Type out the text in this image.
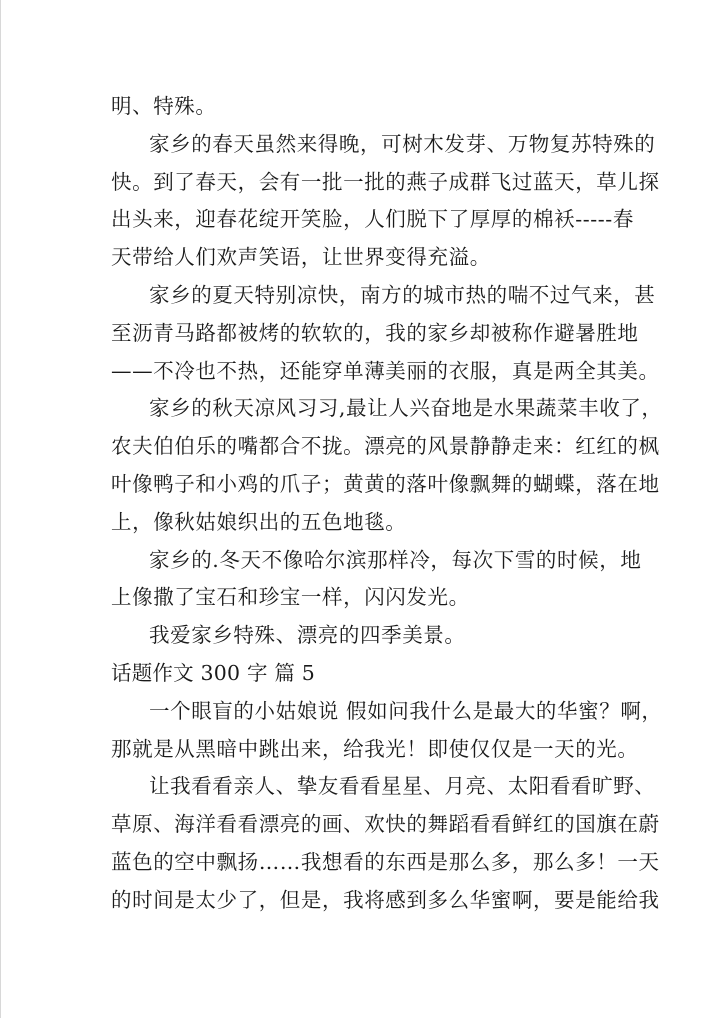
明、特殊。
家乡的春天虽然来得晚，可树木发芽、万物复苏特殊的
快。到了春天，会有一批一批的燕子成群飞过蓝天，草儿探
出头来，迎春花绽开笑脸，人们脱下了厚厚的棉袄-----春
天带给人们欢声笑语，让世界变得充溢。
家乡的夏天特别凉快，南方的城市热的喘不过气来，甚
至沥青马路都被烤的软软的，我的家乡却被称作避暑胜地
——不冷也不热，还能穿单薄美丽的衣服，真是两全其美。
家乡的秋天凉风习习,最让人兴奋地是水果蔬菜丰收了，
农夫伯伯乐的嘴都合不拢。漂亮的风景静静走来：红红的枫
叶像鸭子和小鸡的爪子；黄黄的落叶像飘舞的蝴蝶，落在地
上，像秋姑娘织出的五色地毯。
家乡的.冬天不像哈尔滨那样冷，每次下雪的时候，地
上像撒了宝石和珍宝一样，闪闪发光。
我爱家乡特殊、漂亮的四季美景。
话题作文 300 字 篇 5
一个眼盲的小姑娘说 假如问我什么是最大的华蜜？啊，
那就是从黑暗中跳出来，给我光！即使仅仅是一天的光。
让我看看亲人、挚友看看星星、月亮、太阳看看旷野、
草原、海洋看看漂亮的画、欢快的舞蹈看看鲜红的国旗在蔚
蓝色的空中飘扬……我想看的东西是那么多，那么多！一天
的时间是太少了，但是，我将感到多么华蜜啊，要是能给我
